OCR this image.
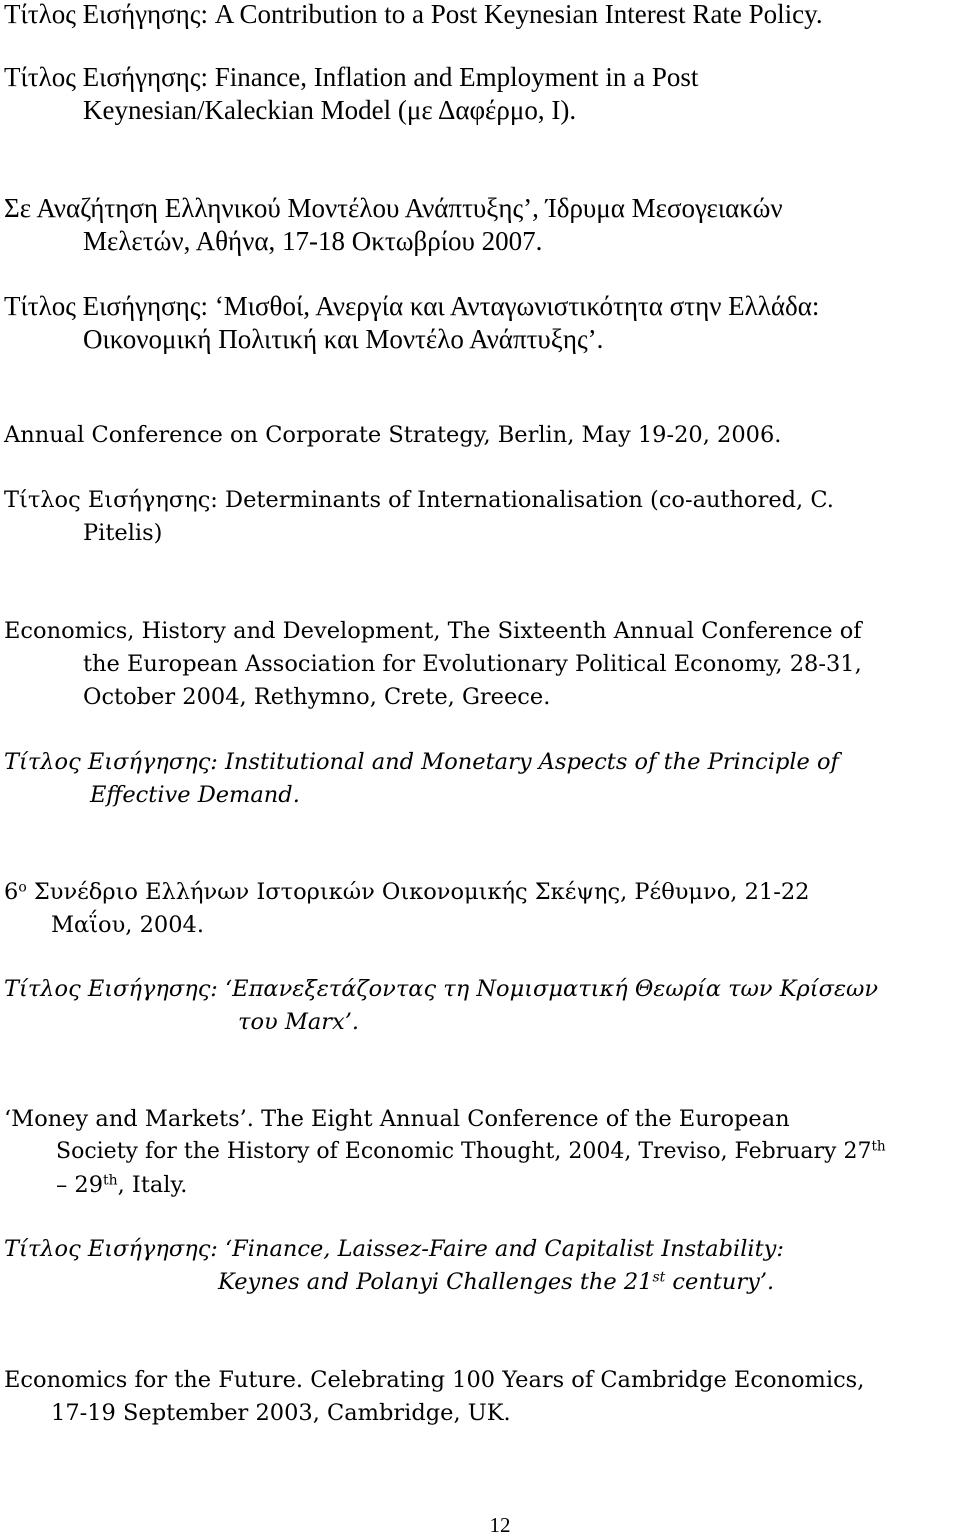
Τίτλος Εισήγησης: A Contribution to a Post Keynesian Interest Rate Policy.
Τίτλος Εισήγησης: Finance, Inflation and Employment in a Post
Keynesian/Kaleckian Model (με Δαφέρμο, Ι).
Σε Αναζήτηση Ελληνικού Μοντέλου Ανάπτυξης’, Ίδρυμα Μεσογειακών
Μελετών, Αθήνα, 17-18 Οκτωβρίου 2007.
Τίτλος Εισήγησης: ‘Μισθοί, Ανεργία και Ανταγωνιστικότητα στην Ελλάδα:
Οικονομική Πολιτική και Μοντέλο Ανάπτυξης’.
Annual Conference on Corporate Strategy, Berlin, May 19-20, 2006.
Τίτλος Εισήγησης: Determinants of Internationalisation (co-authored, C.
Pitelis)
Economics, History and Development, The Sixteenth Annual Conference of
the European Association for Evolutionary Political Economy, 28-31,
October 2004, Rethymno, Crete, Greece.
Τίτλος Εισήγησης: Institutional and Monetary Aspects of the Principle of
Effective Demand.
$6^o$ Συνέδριο Ελλήνων Ιστορικών Οικονομικής Σκέψης, Ρέθυμνο, 21-22
Μαΐου, 2004.
Τίτλος Εισήγησης: ‘Επανεξετάζοντας τη Νομισματική Θεωρία των Κρίσεων
του Marx’.
‘Money and Markets’. The Eight Annual Conference of the European
Society for the History of Economic Thought, 2004, Treviso, February 27th
– 29th, Italy.
Τίτλος Εισήγησης: ‘Finance, Laissez-Faire and Capitalist Instability:
Keynes and Polanyi Challenges the 21st century’.
Economics for the Future. Celebrating 100 Years of Cambridge Economics,
17-19 September 2003, Cambridge, UK.
12
